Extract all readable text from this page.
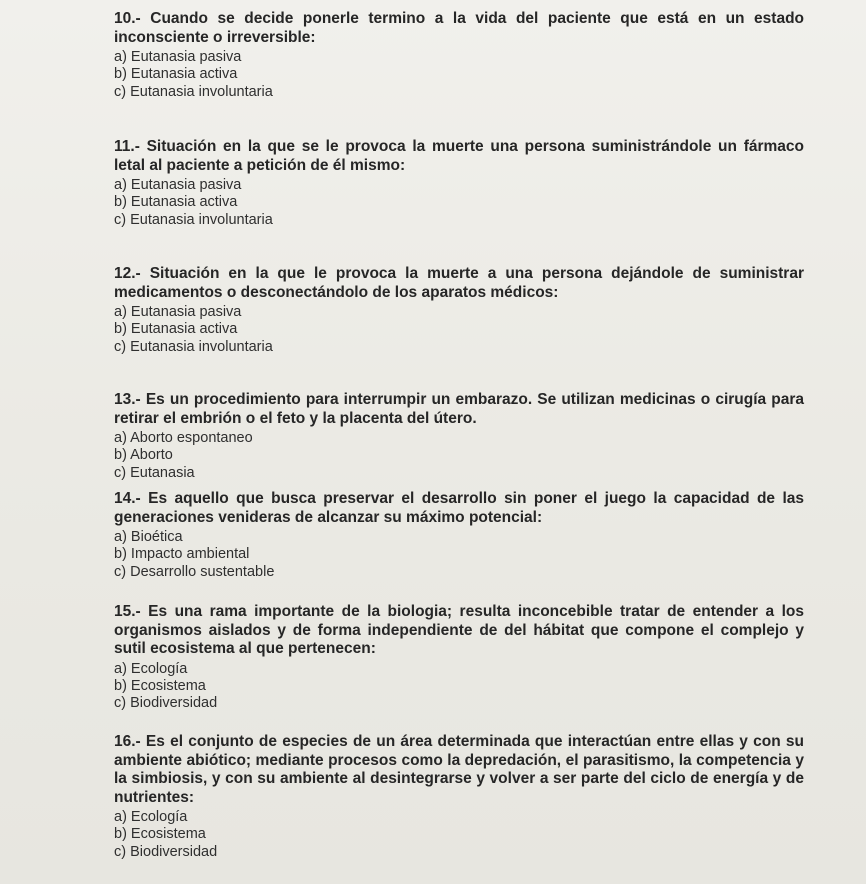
10.- Cuando se decide ponerle termino a la vida del paciente que está en un estado inconsciente o irreversible:

a) Eutanasia pasiva
b) Eutanasia activa
c) Eutanasia involuntaria

11.- Situación en la que se le provoca la muerte una persona suministrándole un fármaco letal al paciente a petición de él mismo:

a) Eutanasia pasiva
b) Eutanasia activa
c) Eutanasia involuntaria

12.- Situación en la que le provoca la muerte a una persona dejándole de suministrar medicamentos o desconectándolo de los aparatos médicos:

a) Eutanasia pasiva
b) Eutanasia activa
c) Eutanasia involuntaria

13.- Es un procedimiento para interrumpir un embarazo. Se utilizan medicinas o cirugía para retirar el embrión o el feto y la placenta del útero.

a) Aborto espontaneo
b) Aborto
c) Eutanasia

14.- Es aquello que busca preservar el desarrollo sin poner el juego la capacidad de las generaciones venideras de alcanzar su máximo potencial:

a) Bioética
b) Impacto ambiental
c) Desarrollo sustentable

15.- Es una rama importante de la biologia; resulta inconcebible tratar de entender a los organismos aislados y de forma independiente de del hábitat que compone el complejo y sutil ecosistema al que pertenecen:

a) Ecología
b) Ecosistema
c) Biodiversidad

16.- Es el conjunto de especies de un área determinada que interactúan entre ellas y con su ambiente abiótico; mediante procesos como la depredación, el parasitismo, la competencia y la simbiosis, y con su ambiente al desintegrarse y volver a ser parte del ciclo de energía y de nutrientes:

a) Ecología
b) Ecosistema
c) Biodiversidad
